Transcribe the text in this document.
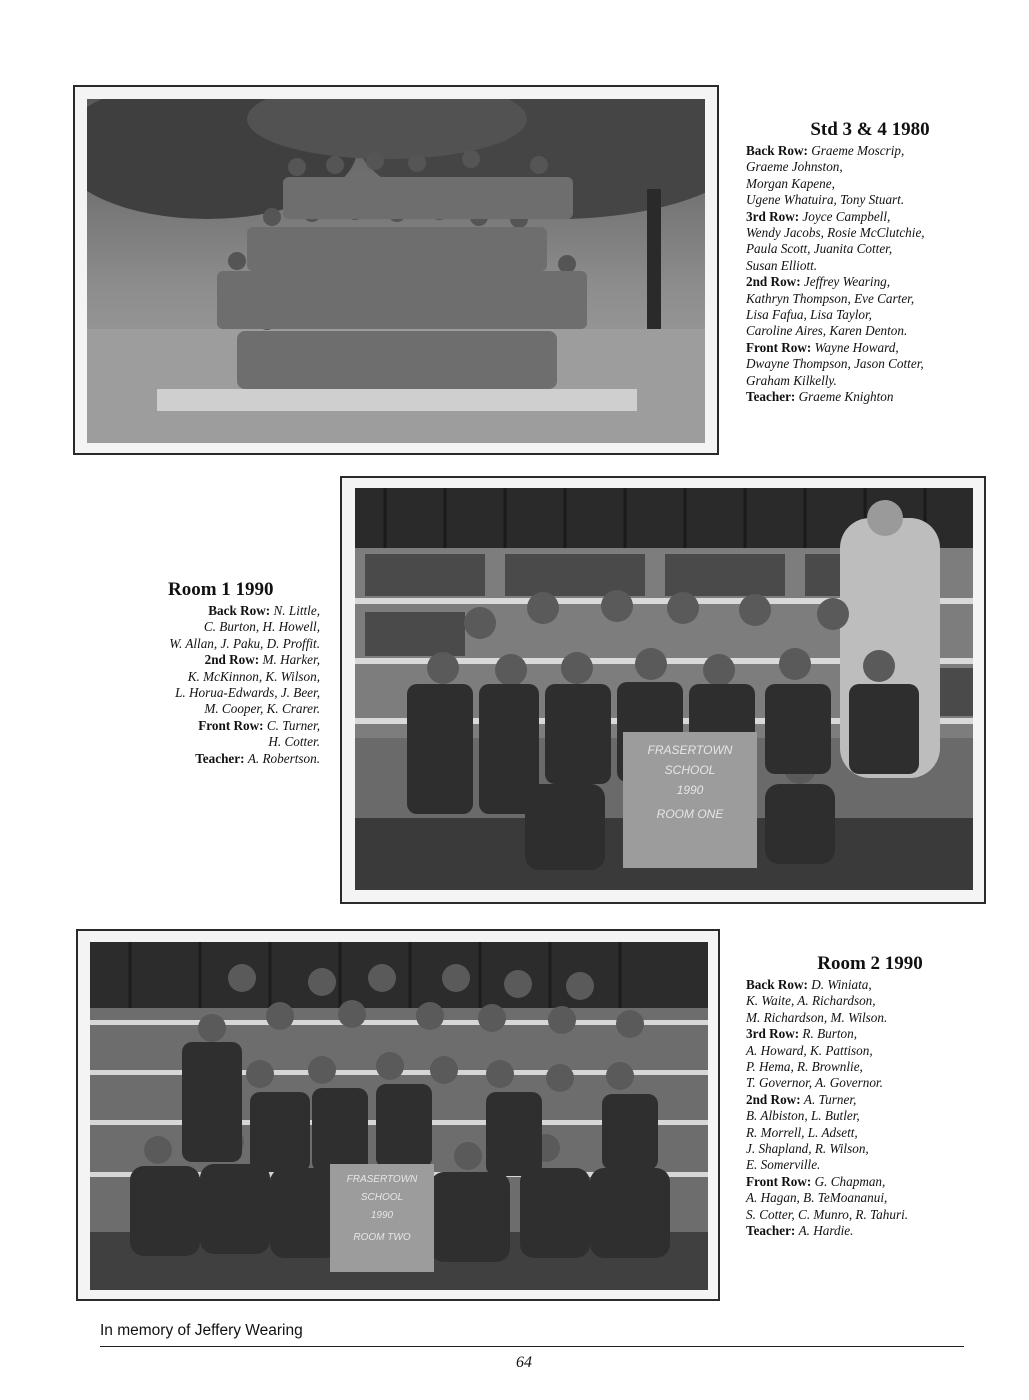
Std 3 & 4 1980
Back Row: Graeme Moscrip,
Graeme Johnston,
Morgan Kapene,
Ugene Whatuira, Tony Stuart.
3rd Row: Joyce Campbell,
Wendy Jacobs, Rosie McClutchie,
Paula Scott, Juanita Cotter,
Susan Elliott.
2nd Row: Jeffrey Wearing,
Kathryn Thompson, Eve Carter,
Lisa Fafua, Lisa Taylor,
Caroline Aires, Karen Denton.
Front Row: Wayne Howard,
Dwayne Thompson, Jason Cotter,
Graham Kilkelly.
Teacher: Graeme Knighton
FRASERTOWN
SCHOOL
1990
ROOM ONE
Room 1 1990
Back Row: N. Little,
C. Burton, H. Howell,
W. Allan, J. Paku, D. Proffit.
2nd Row: M. Harker,
K. McKinnon, K. Wilson,
L. Horua-Edwards, J. Beer,
M. Cooper, K. Crarer.
Front Row: C. Turner,
H. Cotter.
Teacher: A. Robertson.
FRASERTOWN
SCHOOL
1990
ROOM TWO
Room 2 1990
Back Row: D. Winiata,
K. Waite, A. Richardson,
M. Richardson, M. Wilson.
3rd Row: R. Burton,
A. Howard, K. Pattison,
P. Hema, R. Brownlie,
T. Governor, A. Governor.
2nd Row: A. Turner,
B. Albiston, L. Butler,
R. Morrell, L. Adsett,
J. Shapland, R. Wilson,
E. Somerville.
Front Row: G. Chapman,
A. Hagan, B. TeMoananui,
S. Cotter, C. Munro, R. Tahuri.
Teacher: A. Hardie.
In memory of Jeffery Wearing
64
